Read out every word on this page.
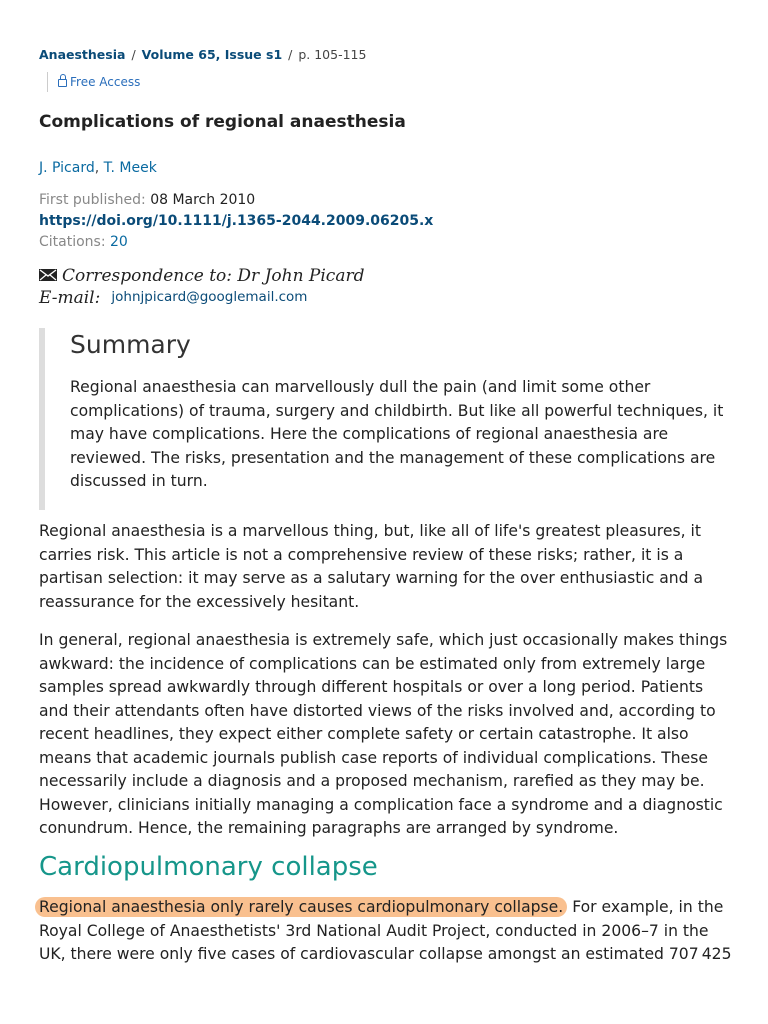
Anaesthesia / Volume 65, Issue s1 / p. 105-115
Free Access
Complications of regional anaesthesia
J. Picard, T. Meek
First published: 08 March 2010
https://doi.org/10.1111/j.1365-2044.2009.06205.x
Citations: 20
Correspondence to: Dr John Picard
E-mail: johnjpicard@googlemail.com
Summary

Regional anaesthesia can marvellously dull the pain (and limit some other complications) of trauma, surgery and childbirth. But like all powerful techniques, it may have complications. Here the complications of regional anaesthesia are reviewed. The risks, presentation and the management of these complications are discussed in turn.

Regional anaesthesia is a marvellous thing, but, like all of life's greatest pleasures, it carries risk. This article is not a comprehensive review of these risks; rather, it is a partisan selection: it may serve as a salutary warning for the over enthusiastic and a reassurance for the excessively hesitant.

In general, regional anaesthesia is extremely safe, which just occasionally makes things awkward: the incidence of complications can be estimated only from extremely large samples spread awkwardly through different hospitals or over a long period. Patients and their attendants often have distorted views of the risks involved and, according to recent headlines, they expect either complete safety or certain catastrophe. It also means that academic journals publish case reports of individual complications. These necessarily include a diagnosis and a proposed mechanism, rarefied as they may be. However, clinicians initially managing a complication face a syndrome and a diagnostic conundrum. Hence, the remaining paragraphs are arranged by syndrome.

Cardiopulmonary collapse

Regional anaesthesia only rarely causes cardiopulmonary collapse. For example, in the Royal College of Anaesthetists' 3rd National Audit Project, conducted in 2006–7 in the UK, there were only five cases of cardiovascular collapse amongst an estimated 707 425
